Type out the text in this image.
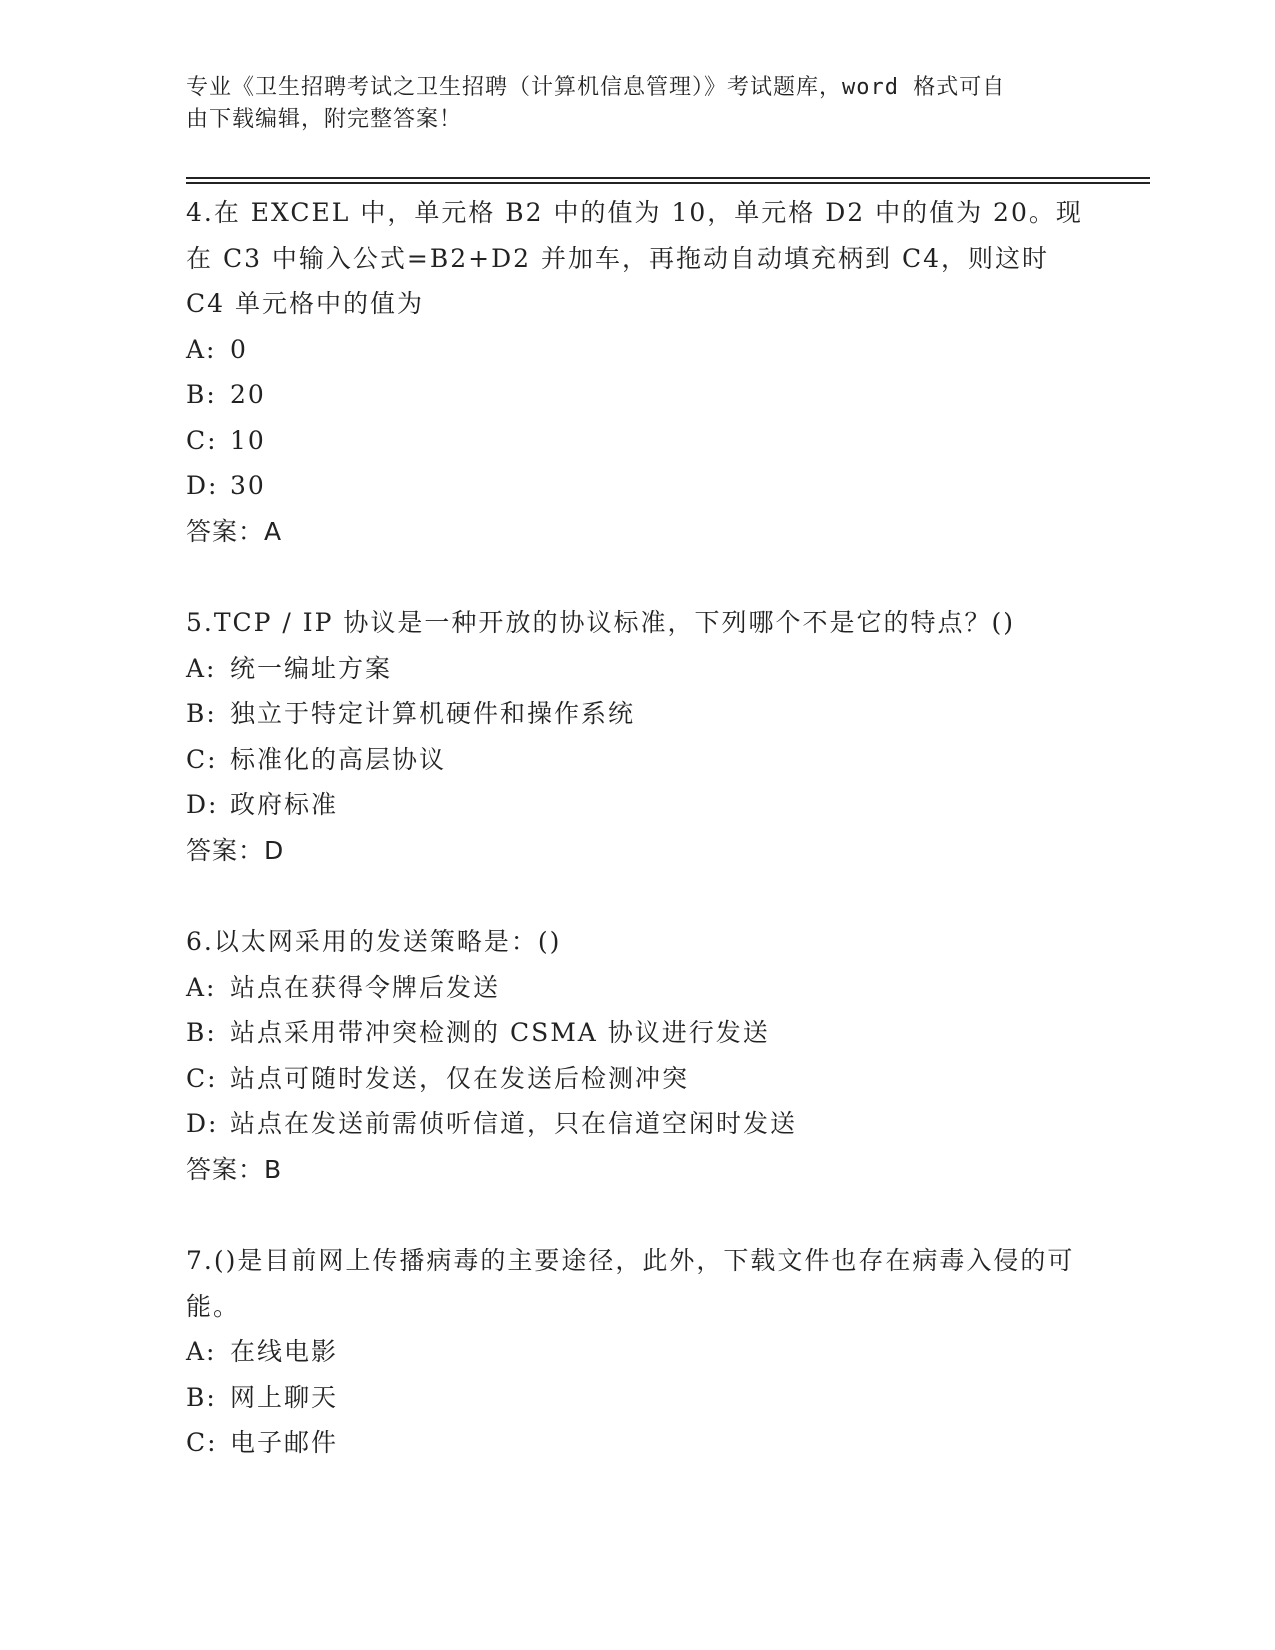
专业《卫生招聘考试之卫生招聘（计算机信息管理）》考试题库，word 格式可自
由下载编辑，附完整答案！

4.在 EXCEL 中，单元格 B2 中的值为 10，单元格 D2 中的值为 20。现在 C3 中输入公式=B2+D2 并加车，再拖动自动填充柄到 C4，则这时 C4 单元格中的值为

A: 0
B: 20
C: 10
D: 30

答案：A

5.TCP / IP 协议是一种开放的协议标准，下列哪个不是它的特点？()

A: 统一编址方案
B: 独立于特定计算机硬件和操作系统
C: 标准化的高层协议
D: 政府标准

答案：D

6.以太网采用的发送策略是：()

A: 站点在获得令牌后发送
B: 站点采用带冲突检测的 CSMA 协议进行发送
C: 站点可随时发送，仅在发送后检测冲突
D: 站点在发送前需侦听信道，只在信道空闲时发送

答案：B

7.()是目前网上传播病毒的主要途径，此外，下载文件也存在病毒入侵的可能。

A: 在线电影
B: 网上聊天
C: 电子邮件
